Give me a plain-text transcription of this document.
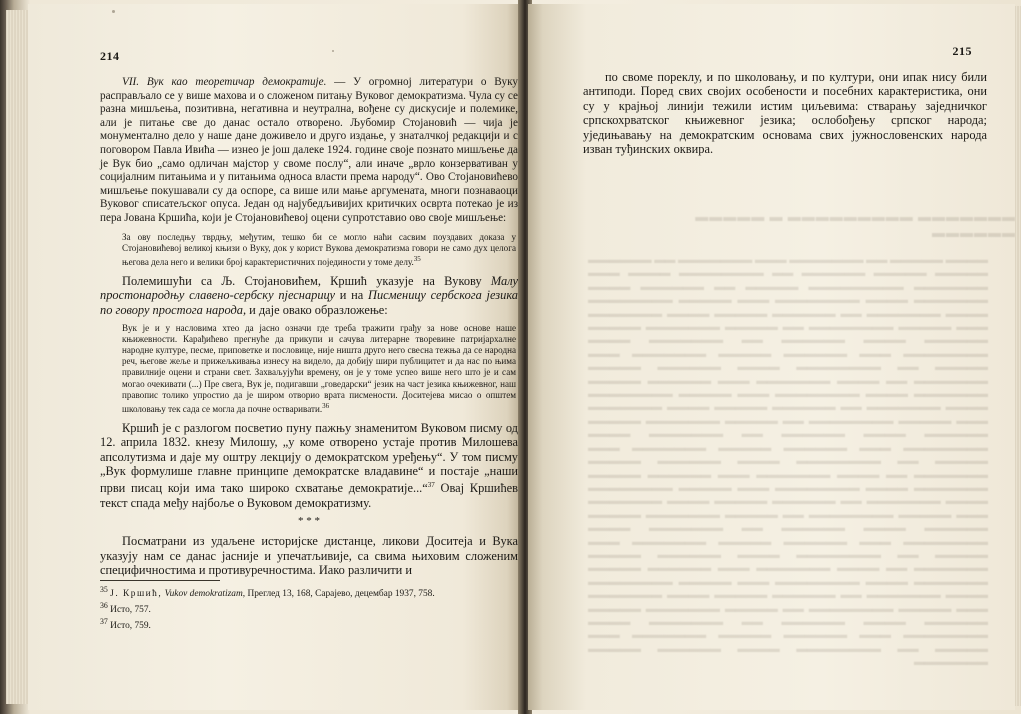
214

VII. Вук као теоретичар демократије. — У огромној литератури о Вуку расправљало се у више махова и о сложеном питању Вуковог демократизма. Чула су се разна мишљења, позитивна, негативна и неутрална, вођене су дискусије и полемике, али је питање све до данас остало отворено. Љубомир Стојановић — чија је монументално дело у наше дане доживело и друго издање, у знаталчкој редакцији и с поговором Павла Ивића — изнео је још далеке 1924. године своје познато мишљење да је Вук био „само одличан мајстор у своме послу“, али иначе „врло конзервативан у социјалним питањима и у питањима односа власти према народу“. Ово Стојановићево мишљење покушавали су да оспоре, са више или мање аргумената, многи познаваоци Вуковог списатељског опуса. Један од најубедљивијих критичких осврта потекао је из пера Јована Кршића, који је Стојановићевој оцени супротставио ово своје мишљење:

За ову последњу тврдњу, међутим, тешко би се могло наћи сасвим поуздавих доказа у Стојановићевој великој књизи о Вуку, док у корист Вукова демократизма говори не само дух целога његова дела него и велики број карактеристичних појединости у томе делу.$^{35}$

Полемишући са Љ. Стојановићем, Кршић указује на Вукову Малу простонародњу славено-сербску пјеснарицу и на Писменицу сербскога језика по говору простога народа, и даје овако образложење:

Вук је и у насловима хтео да јасно означи где треба тражити грађу за нове основе наше књижевности. Карађићево прегнуће да прикупи и сачува литерарне творевине патријархалне народне културе, песме, приповетке и пословице, није ништа друго него свесна тежња да се народна реч, његове жеље и прижељкивања изнесу на видело, да добију шири публицитет и да нас по њима правилније оцени и страни свет. Захваљујући времену, он је у томе успео више него што је и сам могао очекивати (...) Пре свега, Вук је, подигавши „говедарски“ језик на част језика књижевног, наш правопис толико упростио да је широм отворио врата писмености. Доситејева мисао о општем школовању тек сада се могла да почне остваривати.$^{36}$

Кршић је с разлогом посветио пуну пажњу знаменитом Вуковом писму од 12. априла 1832. кнезу Милошу, „у коме отворено устаје против Милошева апсолутизма и даје му оштру лекцију о демократском уређењу“. У том писму „Вук формулише главне принципе демократске владавине“ и постаје „наши први писац који има тако широко схватање демократије...“$^{37}$ Овај Кршићев текст спада међу најбоље о Вуковом демократизму.

* * *

Посматрани из удаљене историјске дистанце, ликови Доситеја и Вука указују нам се данас јасније и упечатљивије, са свима њиховим сложеним специфичностима и противуречностима. Иако различити и

$^{35}$ Ј. Кршић, Vukov demokratizam, Преглед 13, 168, Сарајево, децембар 1937, 758.

$^{36}$ Исто, 757.

$^{37}$ Исто, 759.

215

по своме пореклу, и по школовању, и по култури, они ипак нису били антиподи. Поред свих својих особености и посебних карактеристика, они су у крајњој линији тежили истим циљевима: стварању заједничког српскохрватског књижевног језика; ослобођењу српског народа; уједињавању на демократским основама свих јужнословенских народа изван туђинских оквира.

▬▬▬▬▬▬▬ ▬▬▬▬▬▬▬▬▬ ▬ ▬▬▬▬▬ ▬▬▬▬▬▬
▬▬▬▬ ▬▬▬▬▬ ▬▬ ▬▬▬▬▬▬▬ ▬▬▬ ▬▬▬▬▬▬▬ ▬▬ ▬▬▬▬▬▬ ▬▬▬▬▬ ▬▬▬▬▬ ▬▬▬▬▬▬ ▬▬ ▬▬▬▬▬▬▬▬ ▬▬▬▬ ▬▬▬ ▬▬▬▬▬▬▬ ▬▬▬▬▬▬▬▬▬ ▬▬▬▬▬ ▬▬ ▬▬▬▬▬▬ ▬▬▬▬ ▬▬▬▬▬▬▬ ▬▬▬▬ ▬▬▬▬▬▬▬▬ ▬▬▬ ▬▬▬▬▬ ▬▬▬▬▬▬▬▬ ▬▬▬▬ ▬▬▬▬▬▬▬ ▬▬ ▬▬▬▬▬▬ ▬▬▬▬▬ ▬▬▬▬ ▬▬▬▬▬▬▬ ▬▬▬ ▬▬▬▬▬ ▬▬▬▬▬▬▬▬ ▬▬ ▬▬▬▬▬ ▬▬▬▬▬▬▬ ▬▬▬▬▬ ▬▬▬▬▬▬ ▬▬▬▬ ▬▬▬▬▬▬ ▬▬ ▬▬▬▬▬▬▬ ▬▬▬▬ ▬▬▬▬▬▬▬▬ ▬▬▬ ▬▬▬▬▬▬ ▬▬▬▬▬ ▬▬▬▬▬▬▬ ▬▬▬ ▬▬▬▬▬ ▬▬ ▬▬▬▬▬▬▬▬ ▬▬▬▬ ▬▬▬▬▬▬ ▬▬▬▬▬ ▬▬▬▬▬▬▬ ▬▬ ▬▬▬▬ ▬▬▬▬▬▬▬ ▬▬▬ ▬▬▬▬▬▬ ▬▬▬▬▬ ▬▬▬▬▬▬▬ ▬▬▬▬ ▬▬▬▬▬▬▬▬ ▬▬▬ ▬▬▬▬▬ ▬▬▬▬▬▬▬▬ ▬▬▬▬ ▬▬▬▬▬▬▬ ▬▬ ▬▬▬▬▬▬ ▬▬▬▬▬ ▬▬▬▬ ▬▬▬▬▬▬▬ ▬▬▬ ▬▬▬▬▬ ▬▬▬▬▬▬▬▬ ▬▬ ▬▬▬▬▬ ▬▬▬▬▬▬▬ ▬▬▬▬▬ ▬▬▬▬▬▬ ▬▬▬▬ ▬▬▬▬▬▬ ▬▬ ▬▬▬▬▬▬▬ ▬▬▬▬ ▬▬▬▬▬▬▬▬ ▬▬▬ ▬▬▬▬▬▬ ▬▬▬▬▬ ▬▬▬▬▬▬▬ ▬▬▬ ▬▬▬▬▬ ▬▬ ▬▬▬▬▬▬▬▬ ▬▬▬▬ ▬▬▬▬▬▬ ▬▬▬▬▬ ▬▬▬▬▬▬▬ ▬▬ ▬▬▬▬ ▬▬▬▬▬▬▬ ▬▬▬ ▬▬▬▬▬▬ ▬▬▬▬▬ ▬▬▬▬▬▬▬ ▬▬▬▬ ▬▬▬▬▬▬▬▬ ▬▬▬ ▬▬▬▬▬ ▬▬▬▬▬▬▬▬ ▬▬▬▬ ▬▬▬▬▬▬▬ ▬▬ ▬▬▬▬▬▬ ▬▬▬▬▬ ▬▬▬▬ ▬▬▬▬▬▬▬ ▬▬▬ ▬▬▬▬▬ ▬▬▬▬▬▬▬▬ ▬▬ ▬▬▬▬▬ ▬▬▬▬▬▬▬ ▬▬▬▬▬ ▬▬▬▬▬▬ ▬▬▬▬ ▬▬▬▬▬▬ ▬▬ ▬▬▬▬▬▬▬ ▬▬▬▬ ▬▬▬▬▬▬▬▬ ▬▬▬ ▬▬▬▬▬▬ ▬▬▬▬▬ ▬▬▬▬▬▬▬ ▬▬▬ ▬▬▬▬▬ ▬▬ ▬▬▬▬▬▬▬▬ ▬▬▬▬ ▬▬▬▬▬▬ ▬▬▬▬▬ ▬▬▬▬▬▬▬ ▬▬ ▬▬▬▬ ▬▬▬▬▬▬▬ ▬▬▬ ▬▬▬▬▬▬ ▬▬▬▬▬ ▬▬▬▬▬▬▬ ▬▬▬▬ ▬▬▬▬▬▬▬▬ ▬▬▬ ▬▬▬▬▬ ▬▬▬▬▬▬▬▬ ▬▬▬▬ ▬▬▬▬▬▬▬ ▬▬ ▬▬▬▬▬▬ ▬▬▬▬▬ ▬▬▬▬ ▬▬▬▬▬▬▬ ▬▬▬ ▬▬▬▬▬ ▬▬▬▬▬▬▬▬ ▬▬ ▬▬▬▬▬ ▬▬▬▬▬▬▬ ▬▬▬▬▬ ▬▬▬▬▬▬ ▬▬▬▬ ▬▬▬▬▬▬ ▬▬ ▬▬▬▬▬▬▬ ▬▬▬▬ ▬▬▬▬▬▬▬▬ ▬▬▬ ▬▬▬▬▬▬ ▬▬▬▬▬ ▬▬▬▬▬▬▬ ▬▬▬ ▬▬▬▬▬ ▬▬ ▬▬▬▬▬▬▬▬ ▬▬▬▬ ▬▬▬▬▬▬ ▬▬▬▬▬ ▬▬▬▬▬▬▬
